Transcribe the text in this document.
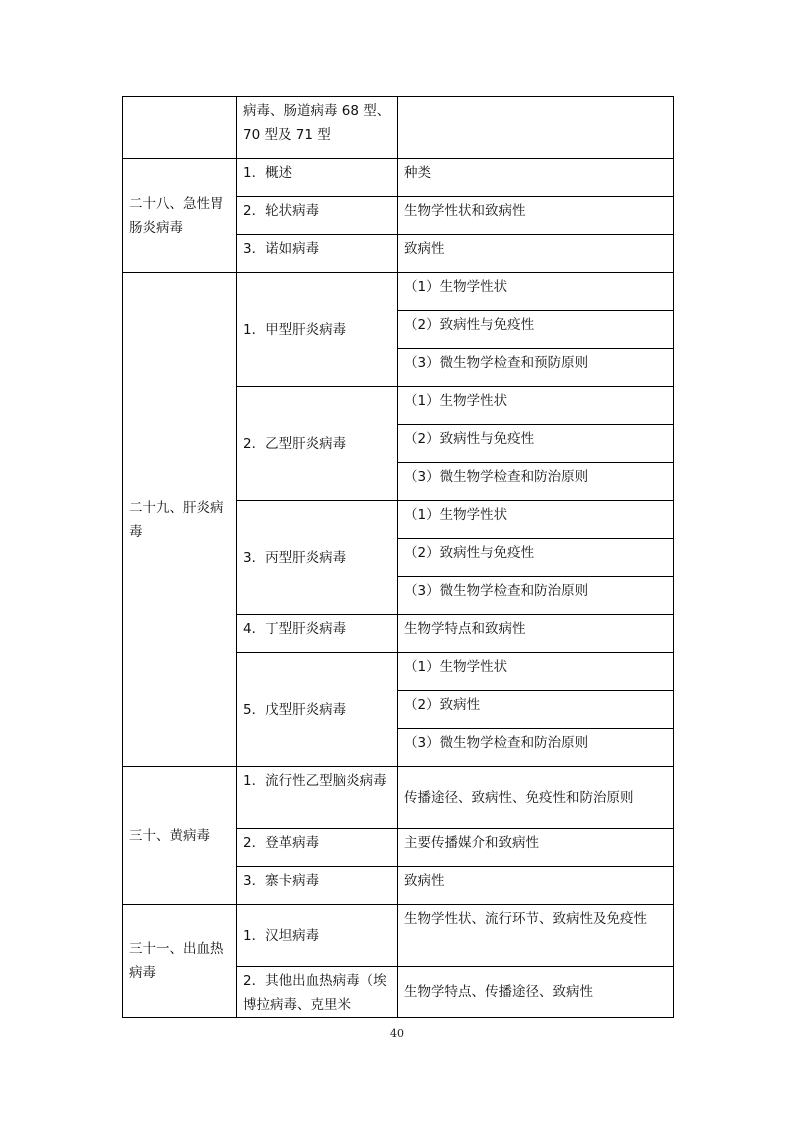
	病毒、肠道病毒 68 型、70 型及 71 型	
二十八、急性胃肠炎病毒	1．概述	种类
	2．轮状病毒	生物学性状和致病性
	3．诺如病毒	致病性
二十九、肝炎病毒	1．甲型肝炎病毒	（1）生物学性状
		（2）致病性与免疫性
		（3）微生物学检查和预防原则
	2．乙型肝炎病毒	（1）生物学性状
		（2）致病性与免疫性
		（3）微生物学检查和防治原则
	3．丙型肝炎病毒	（1）生物学性状
		（2）致病性与免疫性
		（3）微生物学检查和防治原则
	4．丁型肝炎病毒	生物学特点和致病性
	5．戊型肝炎病毒	（1）生物学性状
		（2）致病性
		（3）微生物学检查和防治原则
三十、黄病毒	1．流行性乙型脑炎病毒	传播途径、致病性、免疫性和防治原则
	2．登革病毒	主要传播媒介和致病性
	3．寨卡病毒	致病性
三十一、出血热病毒	1．汉坦病毒	生物学性状、流行环节、致病性及免疫性
	2．其他出血热病毒（埃博拉病毒、克里米	生物学特点、传播途径、致病性
40
